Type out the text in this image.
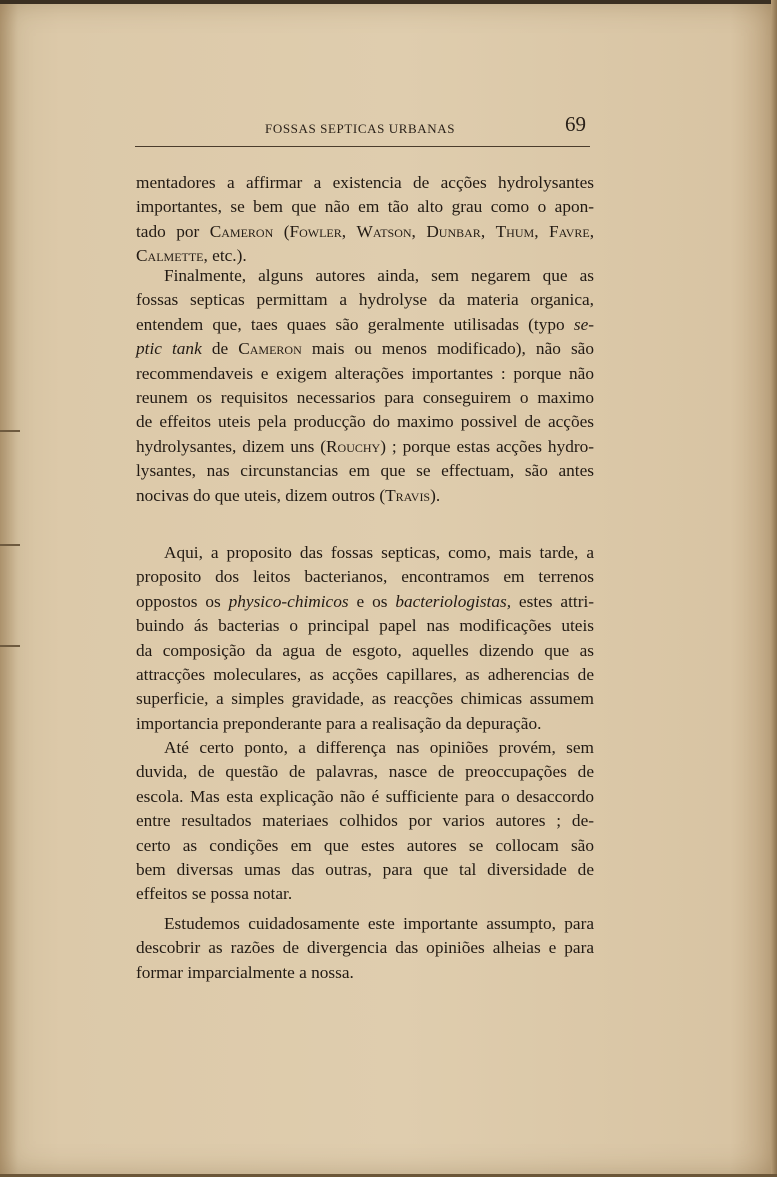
FOSSAS SEPTICAS URBANAS	69
mentadores a affirmar a existencia de acções hydrolysantes
importantes, se bem que não em tão alto grau como o apon-
tado por Cameron (Fowler, Watson, Dunbar, Thum, Favre,
Calmette, etc.).
Finalmente, alguns autores ainda, sem negarem que as
fossas septicas permittam a hydrolyse da materia organica,
entendem que, taes quaes são geralmente utilisadas (typo se-
ptic tank de Cameron mais ou menos modificado), não são
recommendaveis e exigem alterações importantes : porque não
reunem os requisitos necessarios para conseguirem o maximo
de effeitos uteis pela producção do maximo possivel de acções
hydrolysantes, dizem uns (Rouchy) ; porque estas acções hydro-
lysantes, nas circunstancias em que se effectuam, são antes
nocivas do que uteis, dizem outros (Travis).
Aqui, a proposito das fossas septicas, como, mais tarde, a
proposito dos leitos bacterianos, encontramos em terrenos
oppostos os physico-chimicos e os bacteriologistas, estes attri-
buindo ás bacterias o principal papel nas modificações uteis
da composição da agua de esgoto, aquelles dizendo que as
attracções moleculares, as acções capillares, as adherencias de
superficie, a simples gravidade, as reacções chimicas assumem
importancia preponderante para a realisação da depuração.
Até certo ponto, a differença nas opiniões provém, sem
duvida, de questão de palavras, nasce de preoccupações de
escola. Mas esta explicação não é sufficiente para o desaccordo
entre resultados materiaes colhidos por varios autores ; de-
certo as condições em que estes autores se collocam são
bem diversas umas das outras, para que tal diversidade de
effeitos se possa notar.
Estudemos cuidadosamente este importante assumpto, para
descobrir as razões de divergencia das opiniões alheias e para
formar imparcialmente a nossa.
